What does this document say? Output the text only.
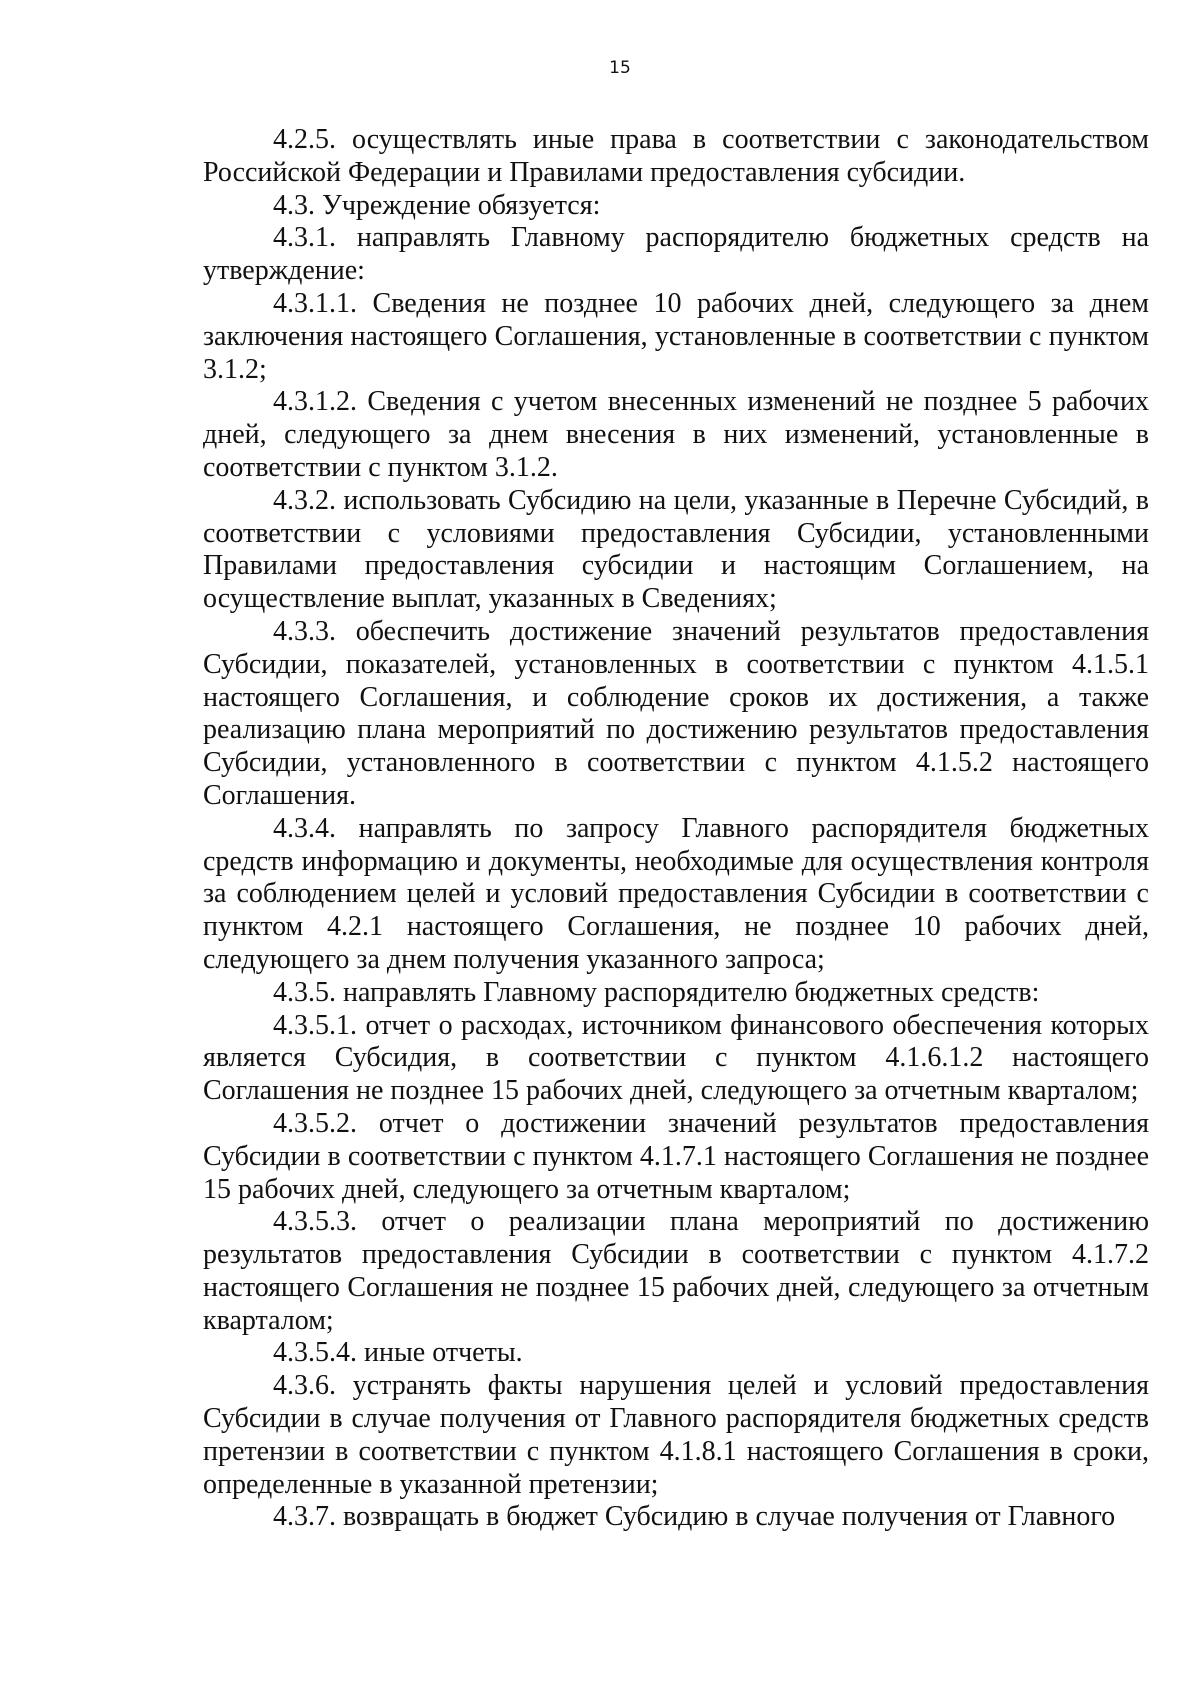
15

4.2.5. осуществлять иные права в соответствии с законодательством Российской Федерации и Правилами предоставления субсидии.

4.3. Учреждение обязуется:

4.3.1. направлять Главному распорядителю бюджетных средств на утверждение:

4.3.1.1. Сведения не позднее 10 рабочих дней, следующего за днем заключения настоящего Соглашения, установленные в соответствии с пунктом 3.1.2;

4.3.1.2. Сведения с учетом внесенных изменений не позднее 5 рабочих дней, следующего за днем внесения в них изменений, установленные в соответствии с пунктом 3.1.2.

4.3.2. использовать Субсидию на цели, указанные в Перечне Субсидий, в соответствии с условиями предоставления Субсидии, установленными Правилами предоставления субсидии и настоящим Соглашением, на осуществление выплат, указанных в Сведениях;

4.3.3. обеспечить достижение значений результатов предоставления Субсидии, показателей, установленных в соответствии с пунктом 4.1.5.1 настоящего Соглашения, и соблюдение сроков их достижения, а также реализацию плана мероприятий по достижению результатов предоставления Субсидии, установленного в соответствии с пунктом 4.1.5.2 настоящего Соглашения.

4.3.4. направлять по запросу Главного распорядителя бюджетных средств информацию и документы, необходимые для осуществления контроля за соблюдением целей и условий предоставления Субсидии в соответствии с пунктом 4.2.1 настоящего Соглашения, не позднее 10 рабочих дней, следующего за днем получения указанного запроса;

4.3.5. направлять Главному распорядителю бюджетных средств:

4.3.5.1. отчет о расходах, источником финансового обеспечения которых является Субсидия, в соответствии с пунктом 4.1.6.1.2 настоящего Соглашения не позднее 15 рабочих дней, следующего за отчетным кварталом;

4.3.5.2. отчет о достижении значений результатов предоставления Субсидии в соответствии с пунктом 4.1.7.1 настоящего Соглашения не позднее 15 рабочих дней, следующего за отчетным кварталом;

4.3.5.3. отчет о реализации плана мероприятий по достижению результатов предоставления Субсидии в соответствии с пунктом 4.1.7.2 настоящего Соглашения не позднее 15 рабочих дней, следующего за отчетным кварталом;

4.3.5.4. иные отчеты.

4.3.6. устранять факты нарушения целей и условий предоставления Субсидии в случае получения от Главного распорядителя бюджетных средств претензии в соответствии с пунктом 4.1.8.1 настоящего Соглашения в сроки, определенные в указанной претензии;

4.3.7. возвращать в бюджет Субсидию в случае получения от Главного
